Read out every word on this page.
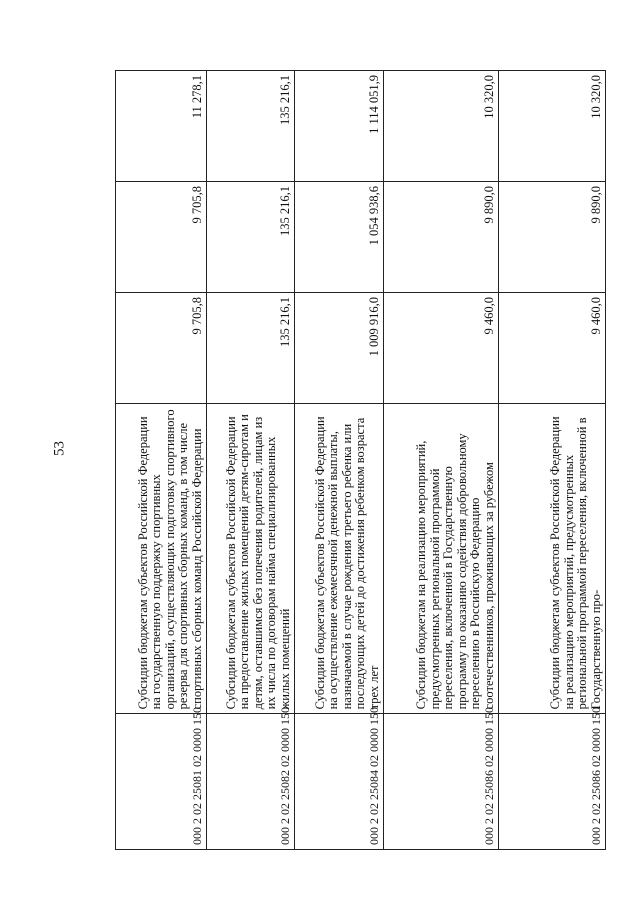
53
000 2 02 25081 02 0000 150	Субсидии бюджетам субъектов Российской Федерации на государственную поддержку спортивных организаций, осуществляющих подготовку спортивного резерва для спортивных сборных команд, в том числе спортивных сборных команд Российской Федерации	9 705,8	9 705,8	11 278,1
000 2 02 25082 02 0000 150	Субсидии бюджетам субъектов Российской Федерации на предоставление жилых помещений детям-сиротам и детям, оставшимся без попечения родителей, лицам из их числа по договорам найма специализированных жилых помещений	135 216,1	135 216,1	135 216,1
000 2 02 25084 02 0000 150	Субсидии бюджетам субъектов Российской Федерации на осуществление ежемесячной денежной выплаты, назначаемой в случае рождения третьего ребенка или последующих детей до достижения ребенком возраста трех лет	1 009 916,0	1 054 938,6	1 114 051,9
000 2 02 25086 02 0000 150	Субсидии бюджетам на реализацию мероприятий, предусмотренных региональной программой переселения, включенной в Государственную программу по оказанию содействия добровольному переселению в Российскую Федерацию соотечественников, проживающих за рубежом	9 460,0	9 890,0	10 320,0
000 2 02 25086 02 0000 150	Субсидии бюджетам субъектов Российской Федерации на реализацию мероприятий, предусмотренных региональной программой переселения, включенной в Государственную про-	9 460,0	9 890,0	10 320,0
